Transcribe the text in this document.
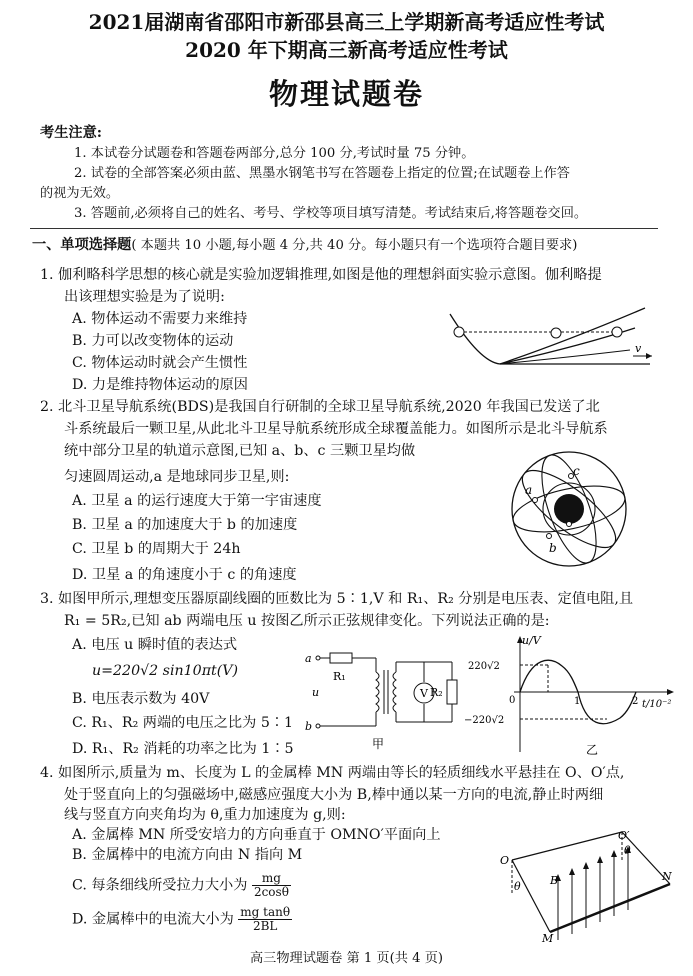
2021届湖南省邵阳市新邵县高三上学期新高考适应性考试
2020 年下期高三新高考适应性考试
物理试题卷
考生注意:
1. 本试卷分试题卷和答题卷两部分,总分 100 分,考试时量 75 分钟。
2. 试卷的全部答案必须由蓝、黑墨水钢笔书写在答题卷上指定的位置;在试题卷上作答
的视为无效。
3. 答题前,必须将自己的姓名、考号、学校等项目填写清楚。考试结束后,将答题卷交回。
一、单项选择题( 本题共 10 小题,每小题 4 分,共 40 分。每小题只有一个选项符合题目要求)
1. 伽利略科学思想的核心就是实验加逻辑推理,如图是他的理想斜面实验示意图。伽利略提
出该理想实验是为了说明:
A. 物体运动不需要力来维持
B. 力可以改变物体的运动
C. 物体运动时就会产生惯性
D. 力是维持物体运动的原因
v
2. 北斗卫星导航系统(BDS)是我国自行研制的全球卫星导航系统,2020 年我国已发送了北
斗系统最后一颗卫星,从此北斗卫星导航系统形成全球覆盖能力。如图所示是北斗导航系
统中部分卫星的轨道示意图,已知 a、b、c 三颗卫星均做
匀速圆周运动,a 是地球同步卫星,则:
A. 卫星 a 的运行速度大于第一宇宙速度
B. 卫星 a 的加速度大于 b 的加速度
C. 卫星 b 的周期大于 24h
D. 卫星 a 的角速度小于 c 的角速度
a
b
c
3. 如图甲所示,理想变压器原副线圈的匝数比为 5∶1,V 和 R₁、R₂ 分别是电压表、定值电阻,且
R₁ = 5R₂,已知 ab 两端电压 u 按图乙所示正弦规律变化。下列说法正确的是:
A. 电压 u 瞬时值的表达式
u=220√2 sin10πt(V)
B. 电压表示数为 40V
C. R₁、R₂ 两端的电压之比为 5∶1
D. R₁、R₂ 消耗的功率之比为 1∶5
a
b
u
R₁
V R₂
甲
u/V
220√2
−220√2
0	1	2 t/10⁻²
乙
4. 如图所示,质量为 m、长度为 L 的金属棒 MN 两端由等长的轻质细线水平悬挂在 O、O′点,
处于竖直向上的匀强磁场中,磁感应强度大小为 B,棒中通以某一方向的电流,静止时两细
线与竖直方向夹角均为 θ,重力加速度为 g,则:
A. 金属棒 MN 所受安培力的方向垂直于 OMNO′平面向上
B. 金属棒中的电流方向由 N 指向 M
C. 每条细线所受拉力大小为 $\frac{mg}{2\cos\theta}$
D. 金属棒中的电流大小为 $\frac{\text{mg tanθ}}{2BL}$
O
O′
θ
θ
B
M
N
高三物理试题卷 第 1 页(共 4 页)
